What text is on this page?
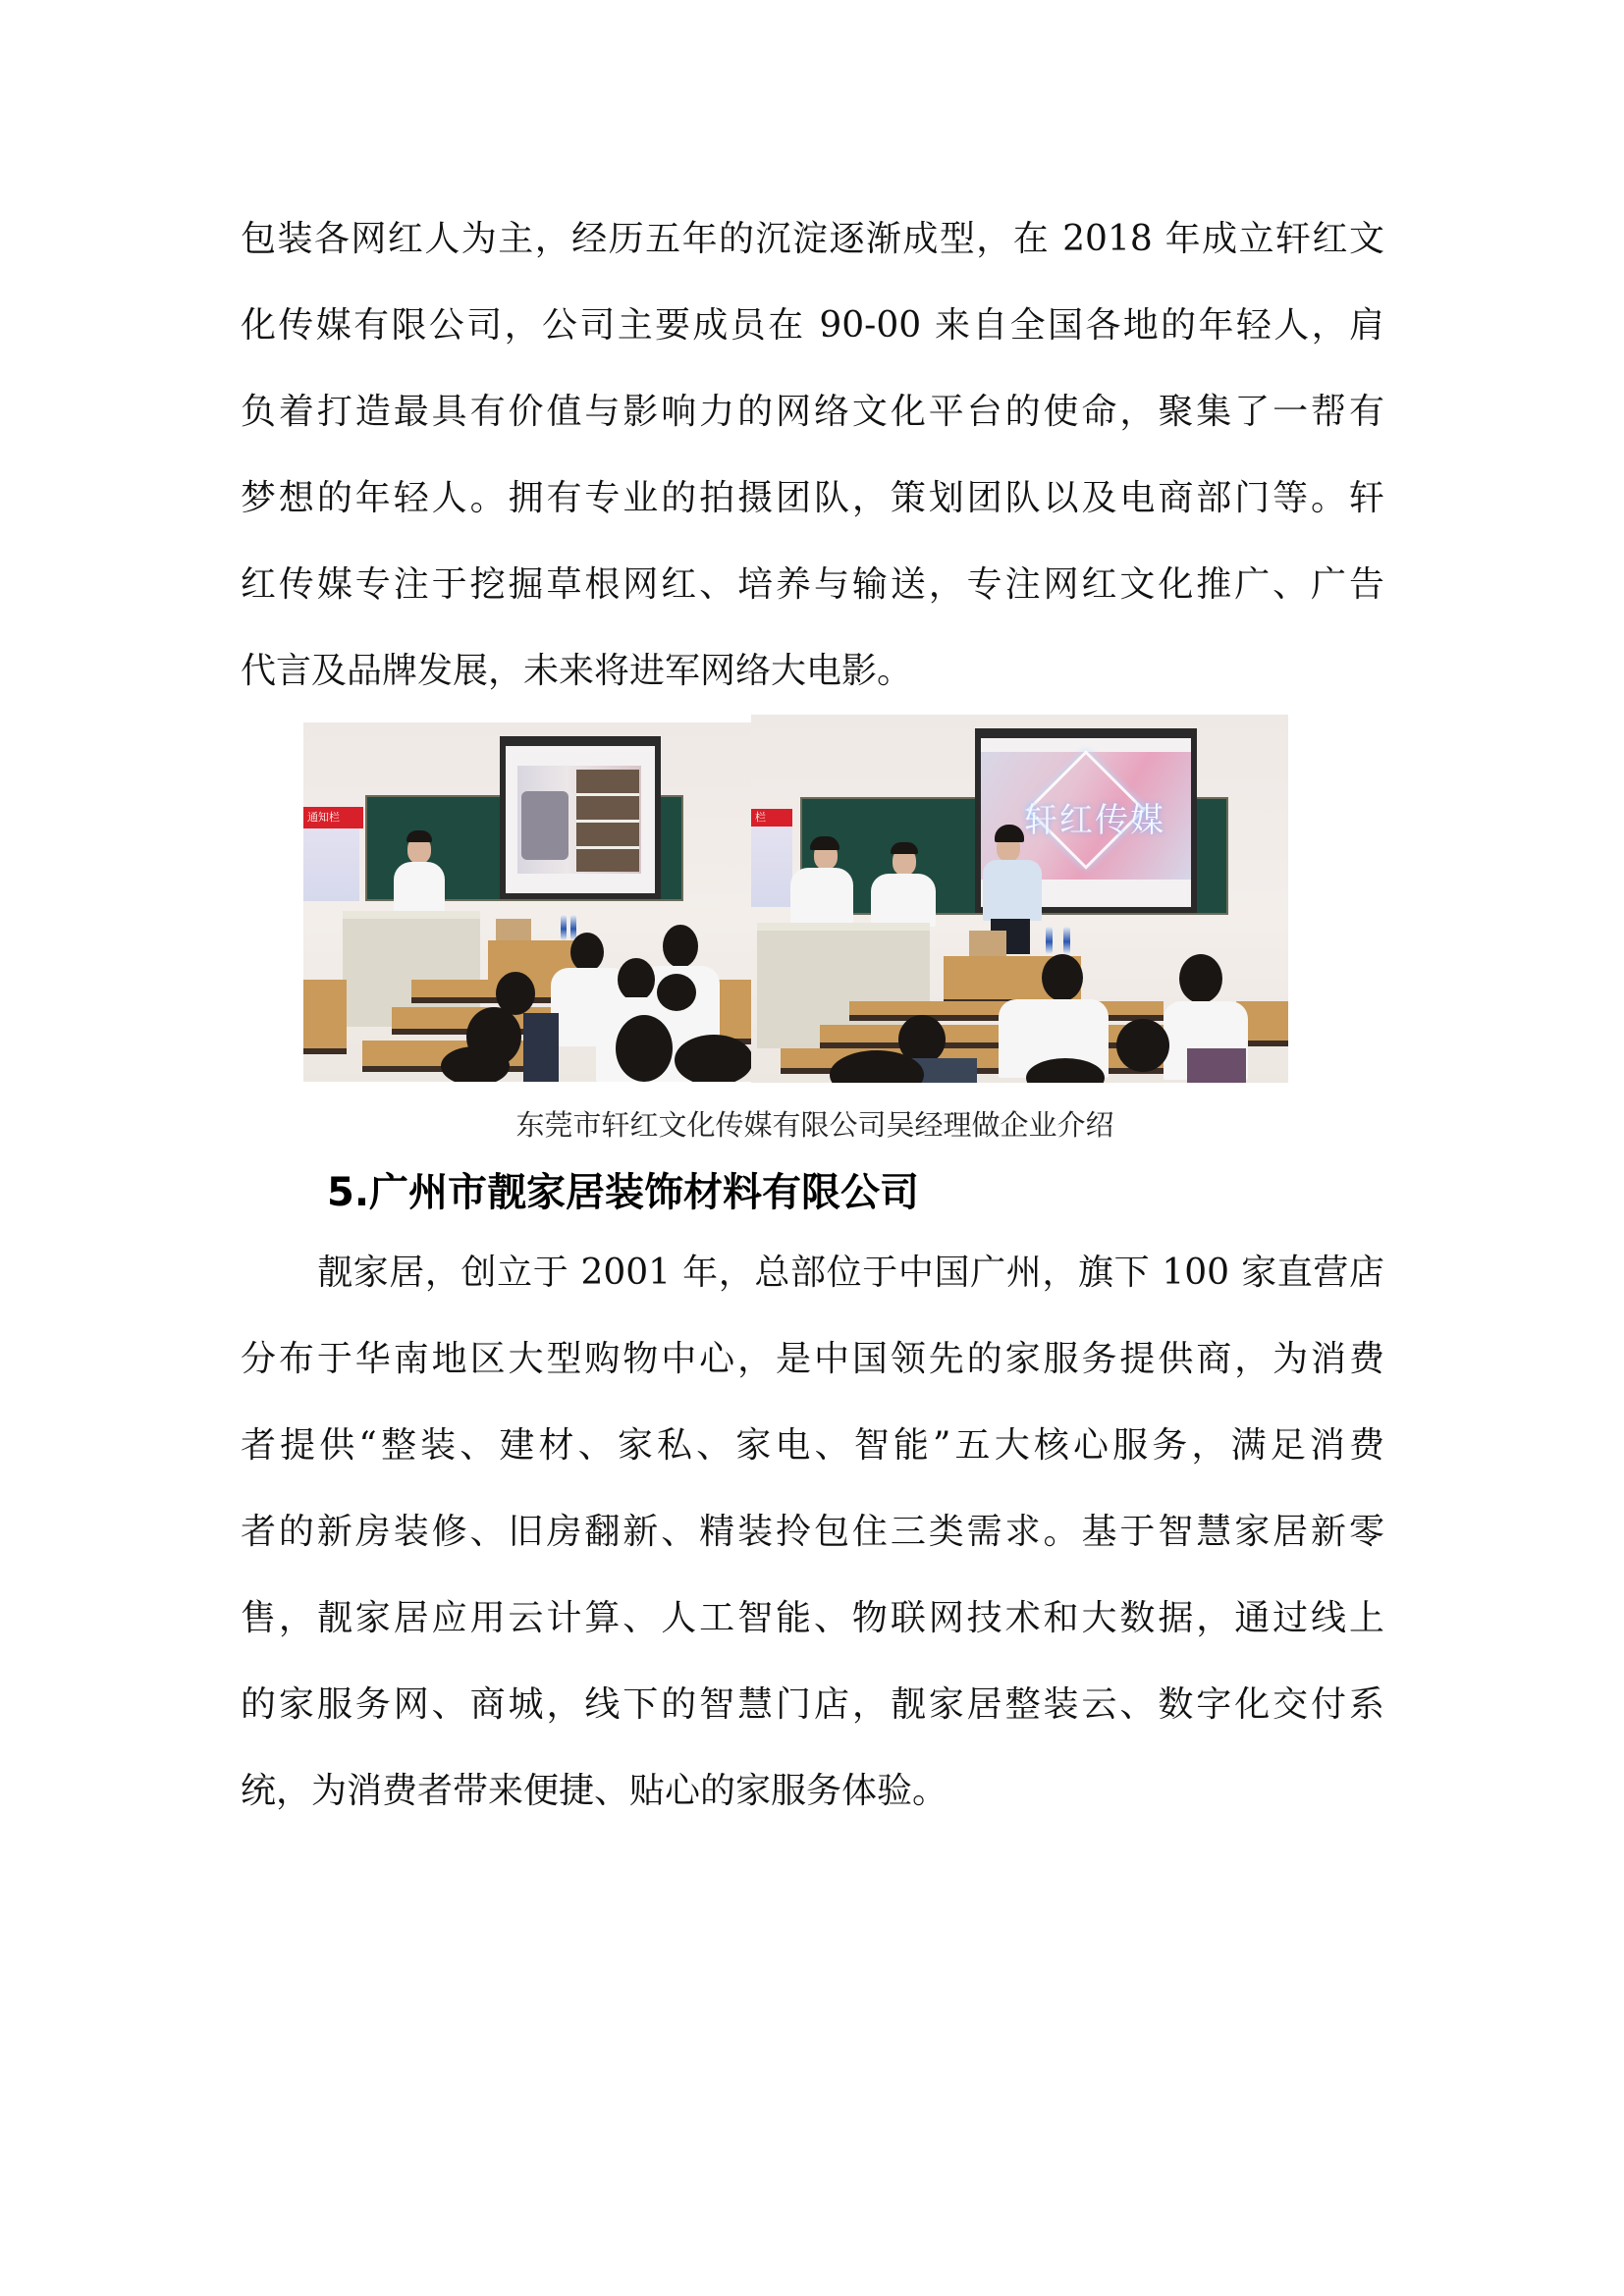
包装各网红人为主，经历五年的沉淀逐渐成型，在 2018 年成立轩红文
化传媒有限公司，公司主要成员在 90-00 来自全国各地的年轻人，肩
负着打造最具有价值与影响力的网络文化平台的使命，聚集了一帮有
梦想的年轻人。拥有专业的拍摄团队，策划团队以及电商部门等。轩
红传媒专注于挖掘草根网红、培养与输送，专注网红文化推广、广告
代言及品牌发展，未来将进军网络大电影。
通知栏	栏	轩红传媒
东莞市轩红文化传媒有限公司吴经理做企业介绍
5.广州市靓家居装饰材料有限公司
靓家居，创立于 2001 年，总部位于中国广州，旗下 100 家直营店
分布于华南地区大型购物中心，是中国领先的家服务提供商，为消费
者提供“整装、建材、家私、家电、智能”五大核心服务，满足消费
者的新房装修、旧房翻新、精装拎包住三类需求。基于智慧家居新零
售，靓家居应用云计算、人工智能、物联网技术和大数据，通过线上
的家服务网、商城，线下的智慧门店，靓家居整装云、数字化交付系
统，为消费者带来便捷、贴心的家服务体验。
